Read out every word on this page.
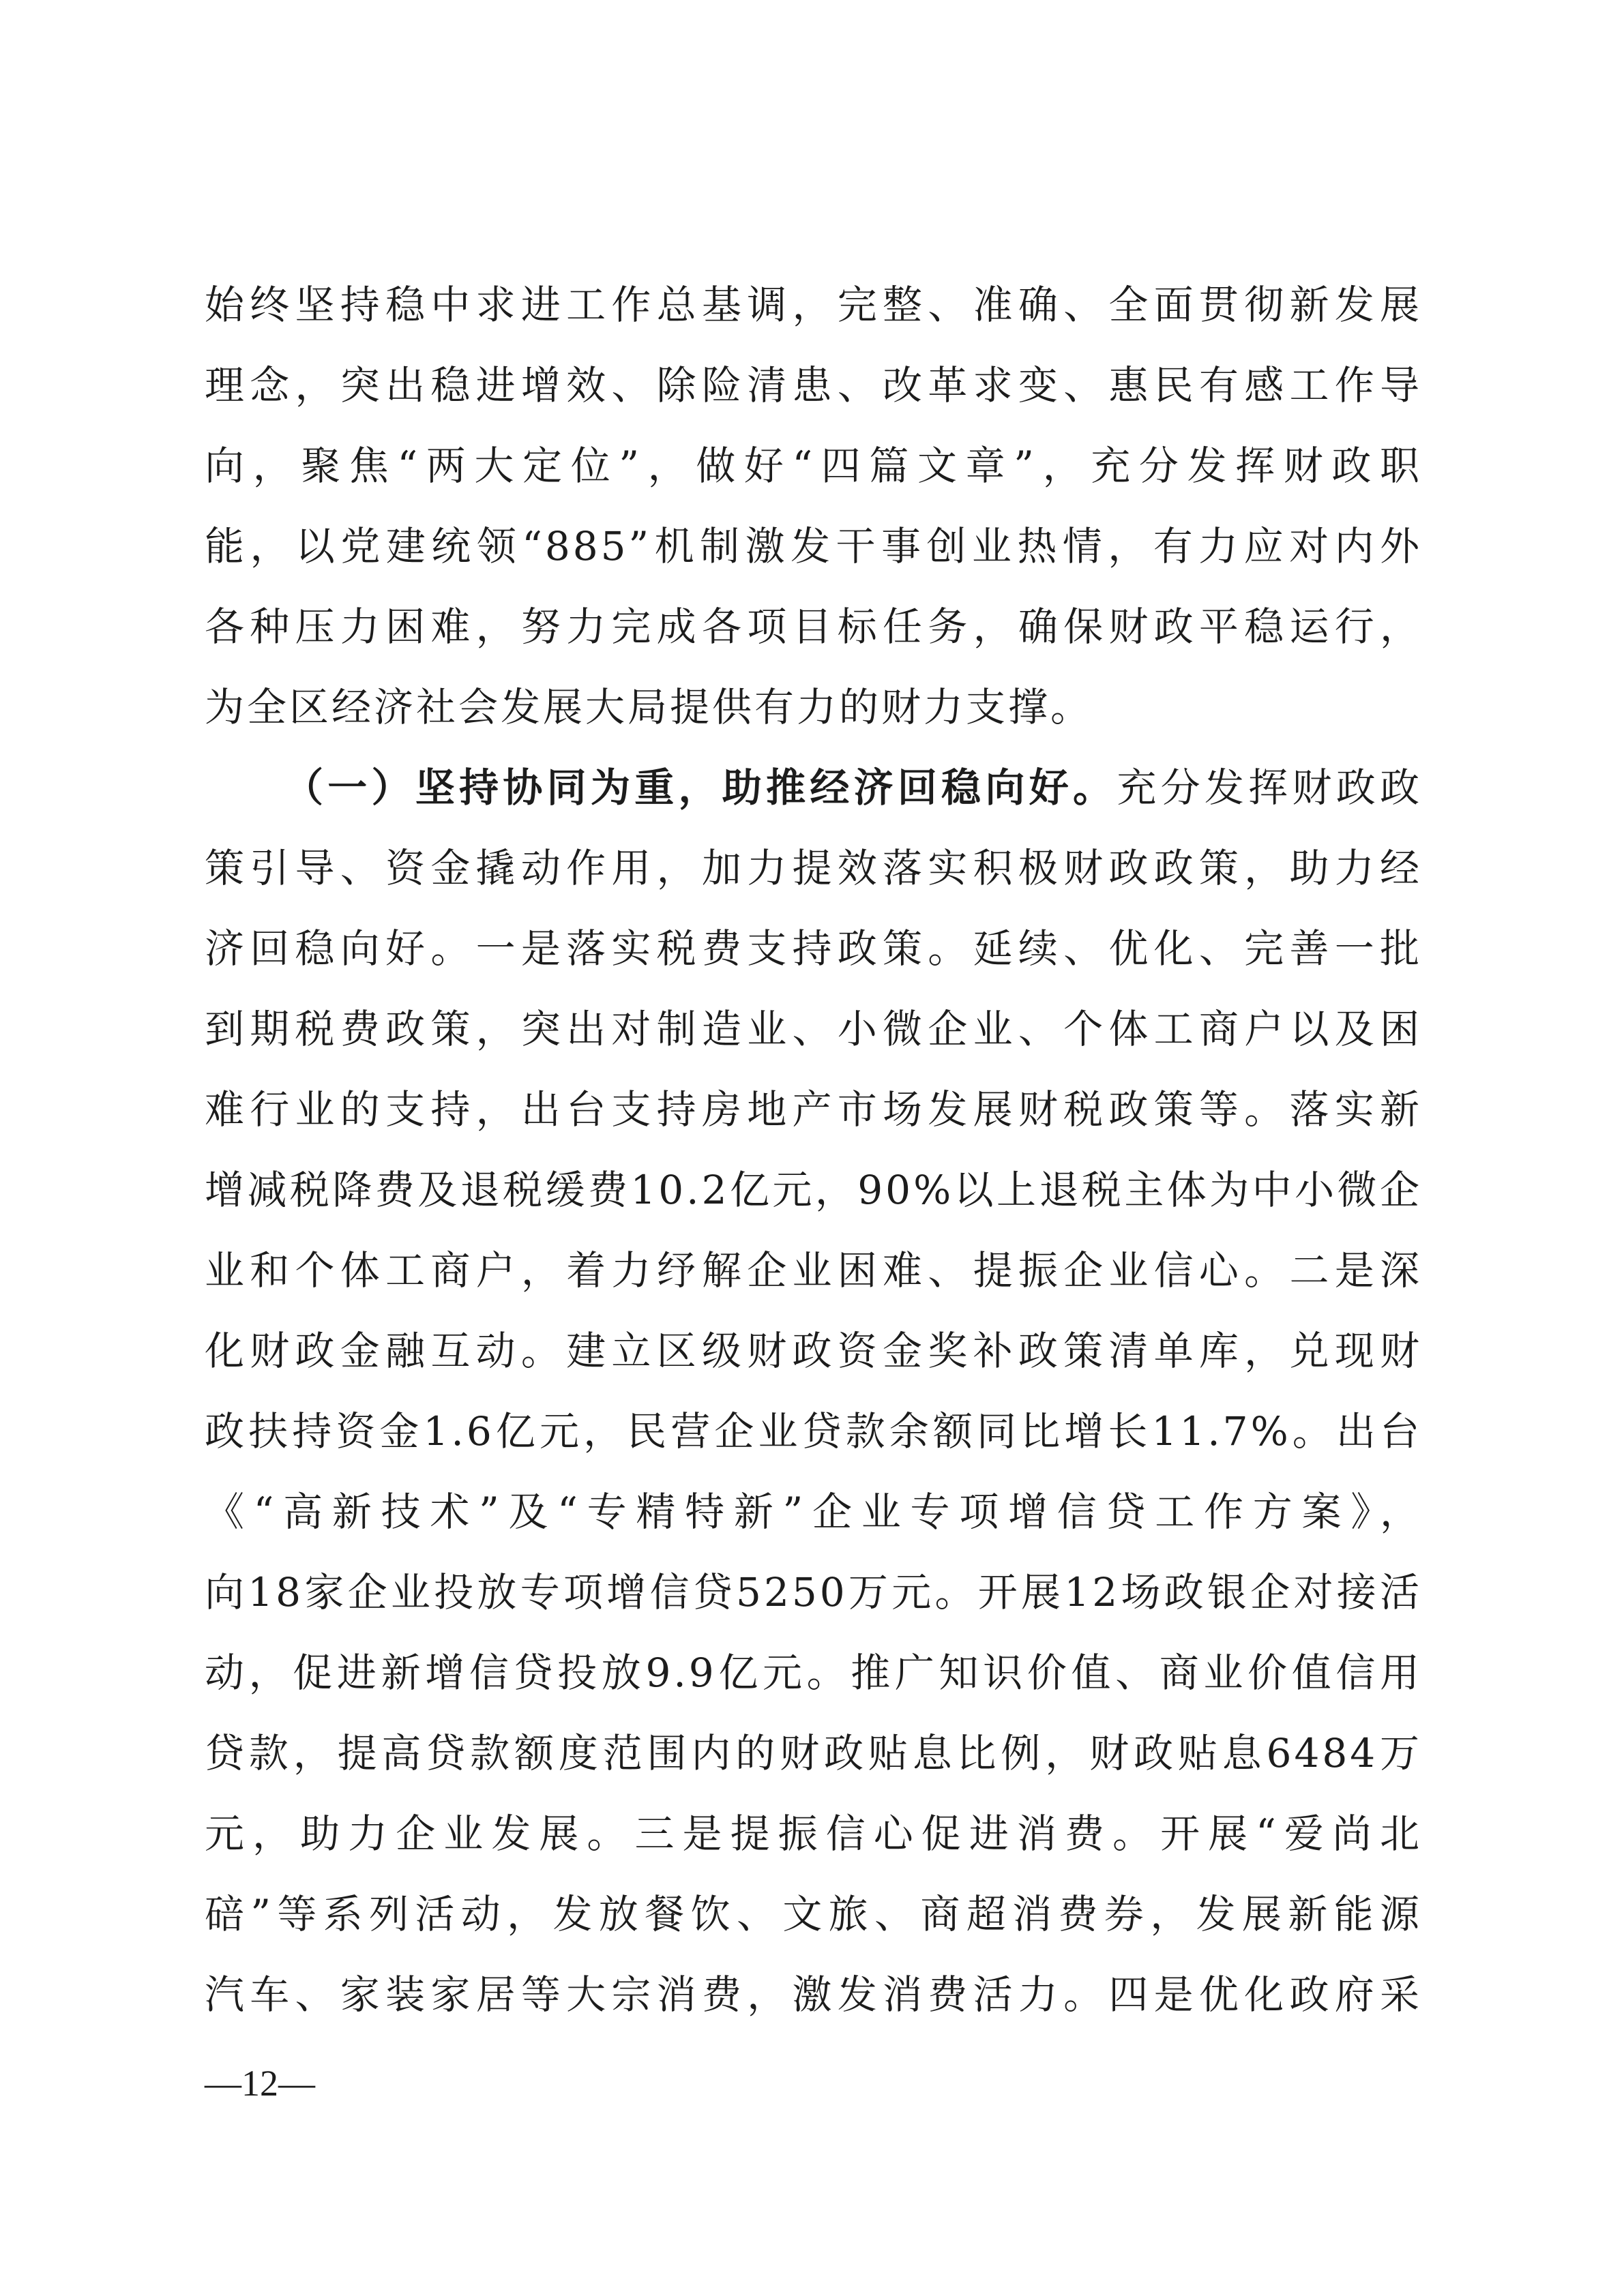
始终坚持稳中求进工作总基调，完整、准确、全面贯彻新发展
理念，突出稳进增效、除险清患、改革求变、惠民有感工作导
向，聚焦“两大定位”，做好“四篇文章”，充分发挥财政职
能，以党建统领“885”机制激发干事创业热情，有力应对内外
各种压力困难，努力完成各项目标任务，确保财政平稳运行，
为全区经济社会发展大局提供有力的财力支撑。
（一）坚持协同为重，助推经济回稳向好。充分发挥财政政
策引导、资金撬动作用，加力提效落实积极财政政策，助力经
济回稳向好。一是落实税费支持政策。延续、优化、完善一批
到期税费政策，突出对制造业、小微企业、个体工商户以及困
难行业的支持，出台支持房地产市场发展财税政策等。落实新
增减税降费及退税缓费10.2亿元，90%以上退税主体为中小微企
业和个体工商户，着力纾解企业困难、提振企业信心。二是深
化财政金融互动。建立区级财政资金奖补政策清单库，兑现财
政扶持资金1.6亿元，民营企业贷款余额同比增长11.7%。出台
《“高新技术”及“专精特新”企业专项增信贷工作方案》，
向18家企业投放专项增信贷5250万元。开展12场政银企对接活
动，促进新增信贷投放9.9亿元。推广知识价值、商业价值信用
贷款，提高贷款额度范围内的财政贴息比例，财政贴息6484万
元，助力企业发展。三是提振信心促进消费。开展“爱尚北
碚”等系列活动，发放餐饮、文旅、商超消费券，发展新能源
汽车、家装家居等大宗消费，激发消费活力。四是优化政府采
—12—
